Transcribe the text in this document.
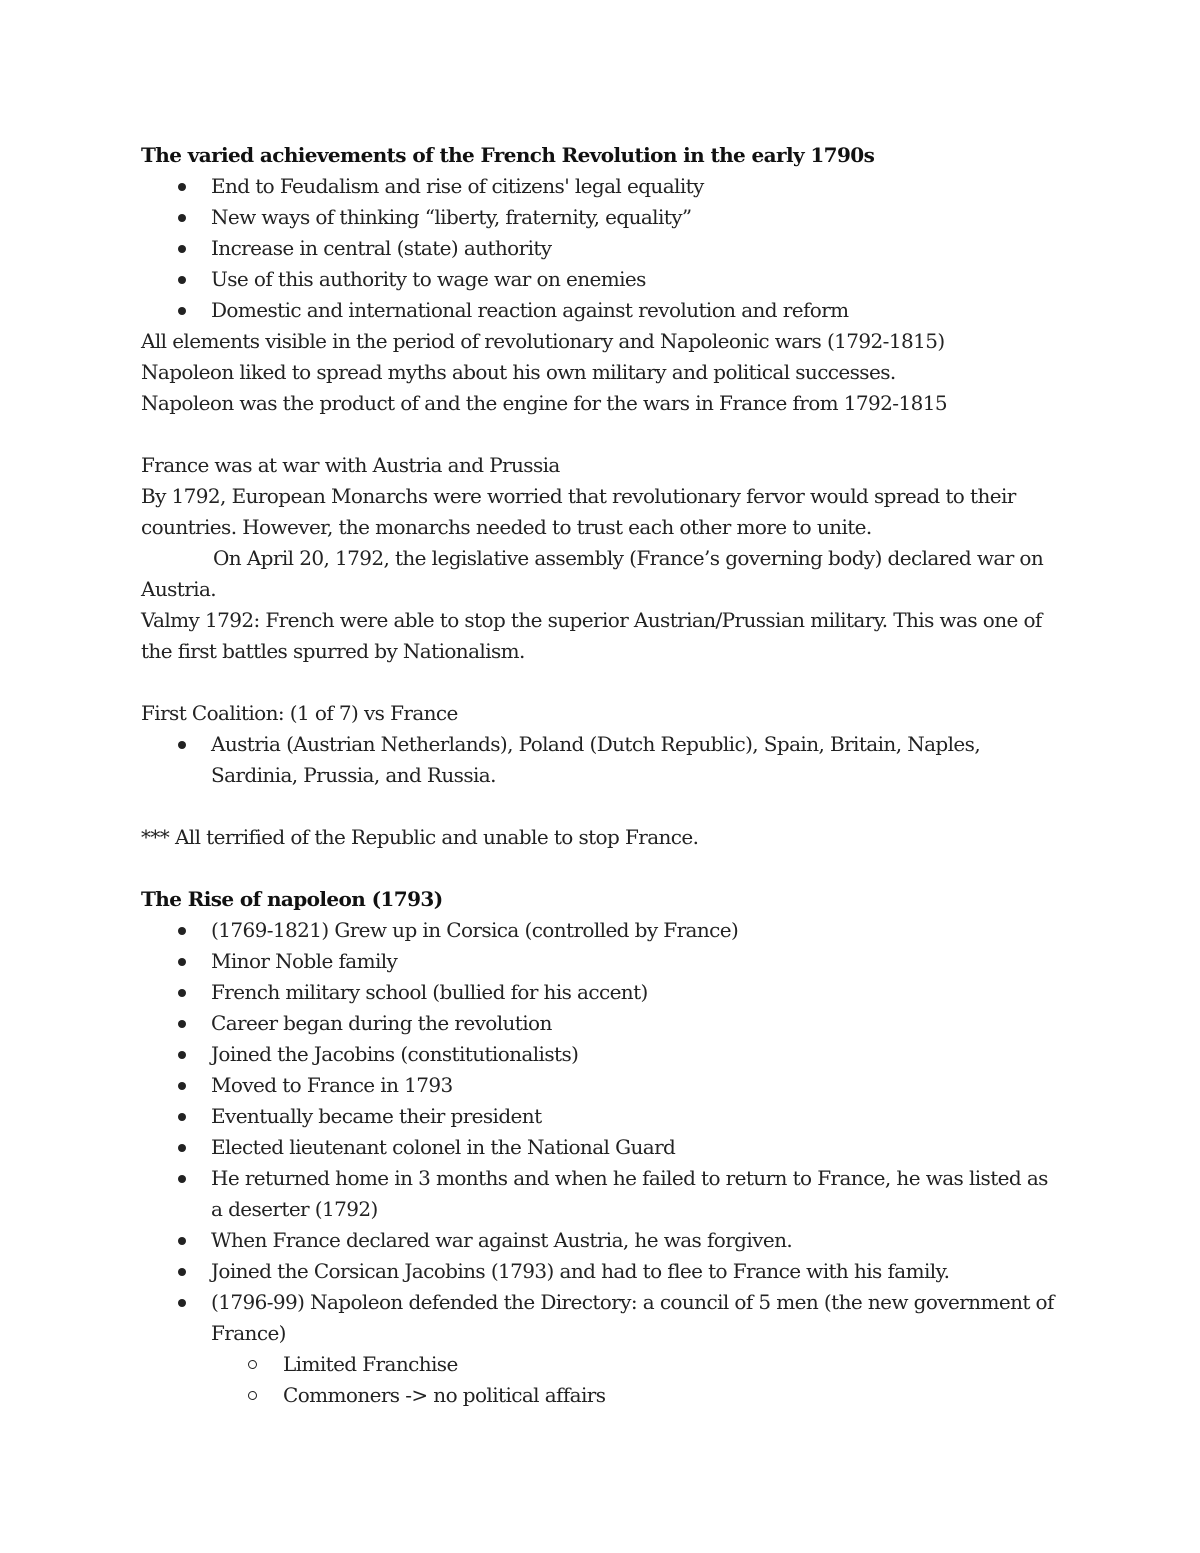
The varied achievements of the French Revolution in the early 1790s

End to Feudalism and rise of citizens' legal equality
New ways of thinking “liberty, fraternity, equality”
Increase in central (state) authority
Use of this authority to wage war on enemies
Domestic and international reaction against revolution and reform

All elements visible in the period of revolutionary and Napoleonic wars (1792-1815)

Napoleon liked to spread myths about his own military and political successes.

Napoleon was the product of and the engine for the wars in France from 1792-1815

France was at war with Austria and Prussia

By 1792, European Monarchs were worried that revolutionary fervor would spread to their countries. However, the monarchs needed to trust each other more to unite.

On April 20, 1792, the legislative assembly (France’s governing body) declared war on Austria.

Valmy 1792: French were able to stop the superior Austrian/Prussian military. This was one of the first battles spurred by Nationalism.

First Coalition: (1 of 7) vs France

Austria (Austrian Netherlands), Poland (Dutch Republic), Spain, Britain, Naples, Sardinia, Prussia, and Russia.

*** All terrified of the Republic and unable to stop France.

The Rise of napoleon (1793)

(1769-1821) Grew up in Corsica (controlled by France)
Minor Noble family
French military school (bullied for his accent)
Career began during the revolution
Joined the Jacobins (constitutionalists)
Moved to France in 1793
Eventually became their president
Elected lieutenant colonel in the National Guard
He returned home in 3 months and when he failed to return to France, he was listed as a deserter (1792)
When France declared war against Austria, he was forgiven.
Joined the Corsican Jacobins (1793) and had to flee to France with his family.
(1796-99) Napoleon defended the Directory: a council of 5 men (the new government of France)
Limited Franchise
Commoners -> no political affairs
